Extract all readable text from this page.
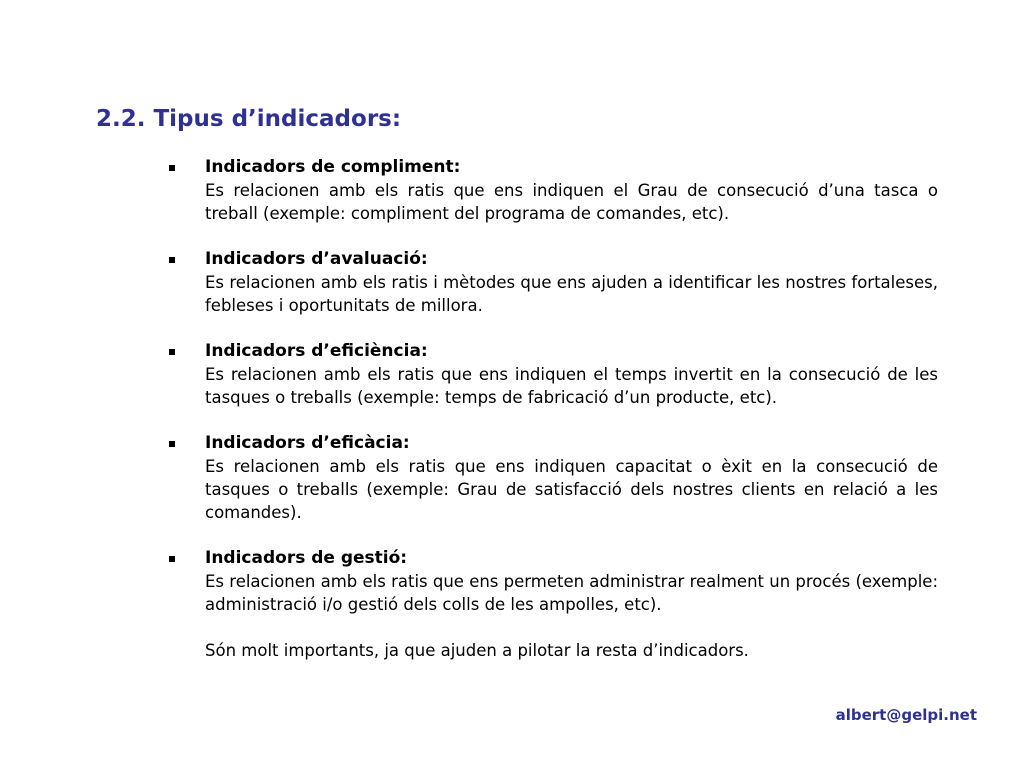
2.2. Tipus d’indicadors:
Indicadors de compliment:

Es relacionen amb els ratis que ens indiquen el Grau de consecució d’una tasca o treball (exemple: compliment del programa de comandes, etc).

Indicadors d’avaluació:

Es relacionen amb els ratis i mètodes que ens ajuden a identificar les nostres fortaleses, febleses i oportunitats de millora.

Indicadors d’eficiència:

Es relacionen amb els ratis que ens indiquen el temps invertit en la consecució de les tasques o treballs (exemple: temps de fabricació d’un producte, etc).

Indicadors d’eficàcia:

Es relacionen amb els ratis que ens indiquen capacitat o èxit en la consecució de tasques o treballs (exemple: Grau de satisfacció dels nostres clients en relació a les comandes).

Indicadors de gestió:

Es relacionen amb els ratis que ens permeten administrar realment un procés (exemple: administració i/o gestió dels colls de les ampolles, etc).

Són molt importants, ja que ajuden a pilotar la resta d’indicadors.

albert@gelpi.net
